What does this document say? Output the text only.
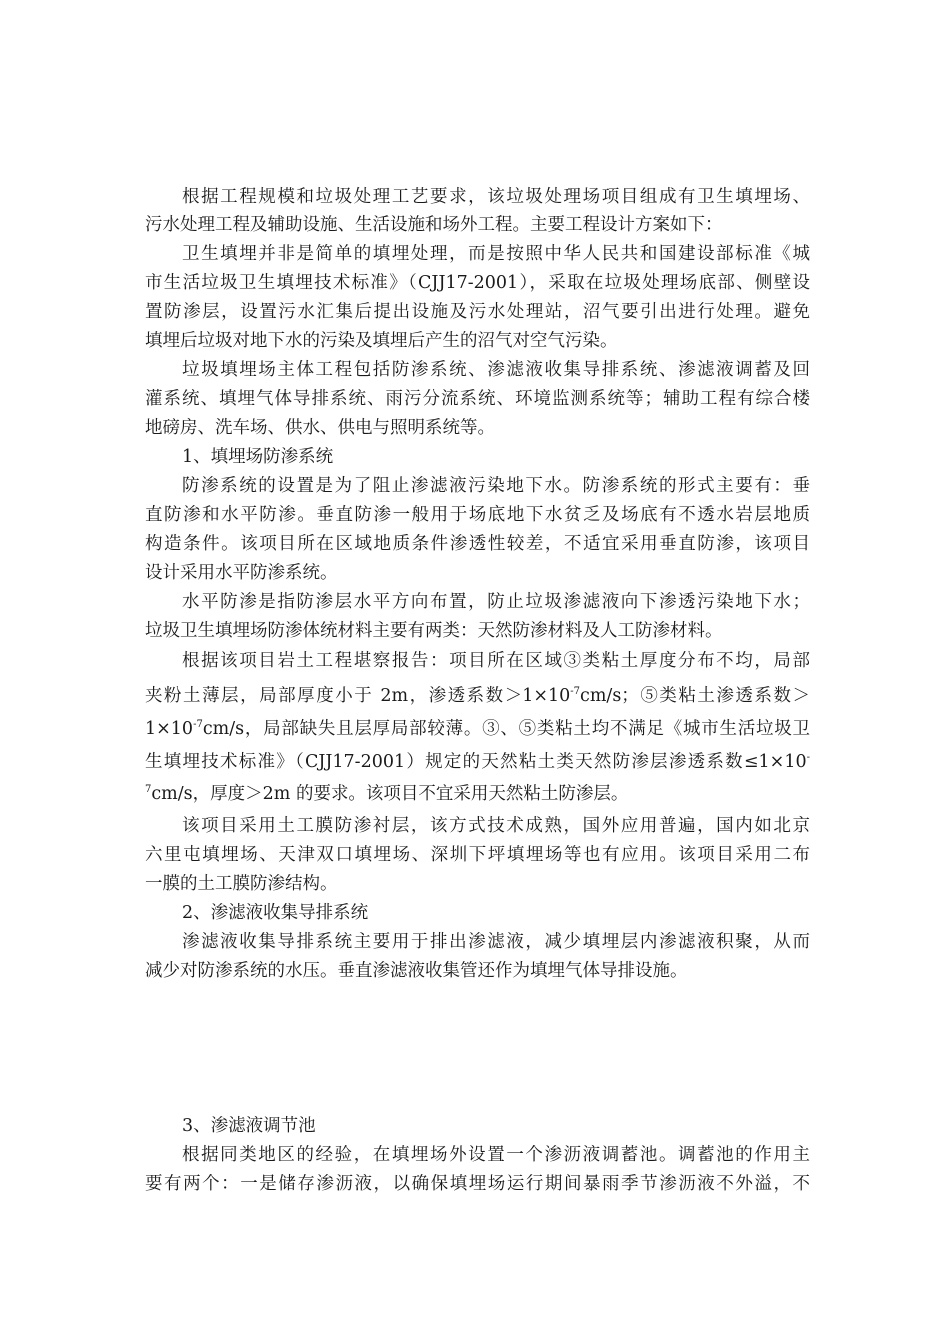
根据工程规模和垃圾处理工艺要求，该垃圾处理场项目组成有卫生填埋场、
污水处理工程及辅助设施、生活设施和场外工程。主要工程设计方案如下：
卫生填埋并非是简单的填埋处理，而是按照中华人民共和国建设部标准《城
市生活垃圾卫生填埋技术标准》（CJJ17-2001），采取在垃圾处理场底部、侧壁设
置防渗层，设置污水汇集后提出设施及污水处理站，沼气要引出进行处理。避免
填埋后垃圾对地下水的污染及填埋后产生的沼气对空气污染。
垃圾填埋场主体工程包括防渗系统、渗滤液收集导排系统、渗滤液调蓄及回
灌系统、填埋气体导排系统、雨污分流系统、环境监测系统等；辅助工程有综合楼
地磅房、洗车场、供水、供电与照明系统等。
1、填埋场防渗系统
防渗系统的设置是为了阻止渗滤液污染地下水。防渗系统的形式主要有：垂
直防渗和水平防渗。垂直防渗一般用于场底地下水贫乏及场底有不透水岩层地质
构造条件。该项目所在区域地质条件渗透性较差，不适宜采用垂直防渗，该项目
设计采用水平防渗系统。
水平防渗是指防渗层水平方向布置，防止垃圾渗滤液向下渗透污染地下水；
垃圾卫生填埋场防渗体统材料主要有两类：天然防渗材料及人工防渗材料。
根据该项目岩土工程堪察报告：项目所在区域③类粘土厚度分布不均，局部
夹粉土薄层，局部厚度小于 2m，渗透系数$>1\times 10^{-7}cm/s$；⑤类粘土渗透系数＞
$1\times 10^{-7}cm/s$，局部缺失且层厚局部较薄。③、⑤类粘土均不满足《城市生活垃圾卫
生填埋技术标准》（CJJ17-2001）规定的天然粘土类天然防渗层渗透系数≤1×10-
$^7$cm/s，厚度＞2m 的要求。该项目不宜采用天然粘土防渗层。
该项目采用土工膜防渗衬层，该方式技术成熟，国外应用普遍，国内如北京
六里屯填埋场、天津双口填埋场、深圳下坪填埋场等也有应用。该项目采用二布
一膜的土工膜防渗结构。
2、渗滤液收集导排系统
渗滤液收集导排系统主要用于排出渗滤液，减少填埋层内渗滤液积聚，从而
减少对防渗系统的水压。垂直渗滤液收集管还作为填埋气体导排设施。
3、渗滤液调节池
根据同类地区的经验，在填埋场外设置一个渗沥液调蓄池。调蓄池的作用主
要有两个：一是储存渗沥液，以确保填埋场运行期间暴雨季节渗沥液不外溢，不
